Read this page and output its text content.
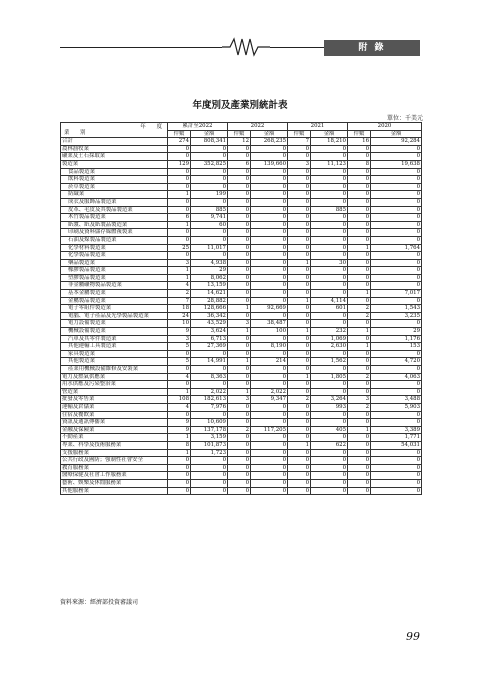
附 錄
年度別及產業別統計表
單位：千美元
年　　度
業　　別	累計至2022		2022		2021		2020	
	件數	金額	件數	金額	件數	金額	件數	金額
合計	274	808,341	12	268,235	7	18,210	16	92,284
農林漁牧業	0	0	0	0	0	0	0	0
礦業及土石採取業	0	0	0	0	0	0	0	0
製造業	129	352,825	6	139,660	3	11,123	8	19,638
食品製造業	0	0	0	0	0	0	0	0
飲料製造業	0	0	0	0	0	0	0	0
菸草製造業	0	0	0	0	0	0	0	0
紡織業	1	199	0	0	0	0	0	0
成衣及服飾品製造業	0	0	0	0	0	0	0	0
皮革、毛皮及其製品製造業	0	885	0	0	0	885	0	0
木竹製品製造業	6	9,741	0	0	0	0	0	0
紙漿、紙及紙製品製造業	1	60	0	0	0	0	0	0
印刷及資料儲存媒體複製業	0	0	0	0	0	0	0	0
石油及煤製品製造業	0	0	0	0	0	0	0	0
化學材料製造業	25	11,017	0	0	0	0	1	1,764
化學製品製造業	0	0	0	0	0	0	0	0
藥品製造業	3	4,938	0	0	1	30	0	0
橡膠製品製造業	1	29	0	0	0	0	0	0
塑膠製品製造業	1	8,062	0	0	0	0	0	0
非金屬礦物製品製造業	4	13,159	0	0	0	0	0	0
基本金屬製造業	2	14,621	0	0	0	0	1	7,017
金屬製品製造業	7	28,882	0	0	1	4,114	0	0
電子零組件製造業	18	128,666	1	92,669	0	601	2	1,543
電腦、電子產品及光學製品製造業	24	36,342	0	0	0	0	2	3,235
電力設備製造業	10	43,529	3	38,487	0	0	0	0
機械設備製造業	9	3,624	1	100	1	232	1	29
汽車及其零件製造業	3	6,713	0	0	0	1,069	0	1,176
其他運輸工具製造業	5	27,369	0	8,190	0	2,630	1	153
家具製造業	0	0	0	0	0	0	0	0
其他製造業	5	14,991	1	214	0	1,562	0	4,720
產業用機械設備維修及安裝業	0	0	0	0	0	0	0	0
電力及燃氣供應業	4	8,363	0	0	1	1,805	2	4,063
用水供應及污染整治業	0	0	0	0	0	0	0	0
營造業	1	2,022	1	2,022	0	0	0	0
批發及零售業	108	182,613	3	9,347	2	3,264	3	3,488
運輸及倉儲業	4	7,976	0	0	0	993	2	5,903
住宿及餐飲業	0	0	0	0	0	0	0	0
資訊及通訊傳播業	9	10,609	0	0	0	0	0	0
金融及保險業	9	137,178	2	117,205	0	405	1	3,389
不動產業	1	3,159	0	0	0	0	0	1,771
專業、科學及技術服務業	8	101,873	0	0	1	622	0	54,031
支援服務業	1	1,723	0	0	0	0	0	0
公共行政及國防；強制性社會安全	0	0	0	0	0	0	0	0
教育服務業	0	0	0	0	0	0	0	0
醫療保健及社會工作服務業	0	0	0	0	0	0	0	0
藝術、娛樂及休閒服務業	0	0	0	0	0	0	0	0
其他服務業	0	0	0	0	0	0	0	0
資料來源：經濟部投資審議司
99
